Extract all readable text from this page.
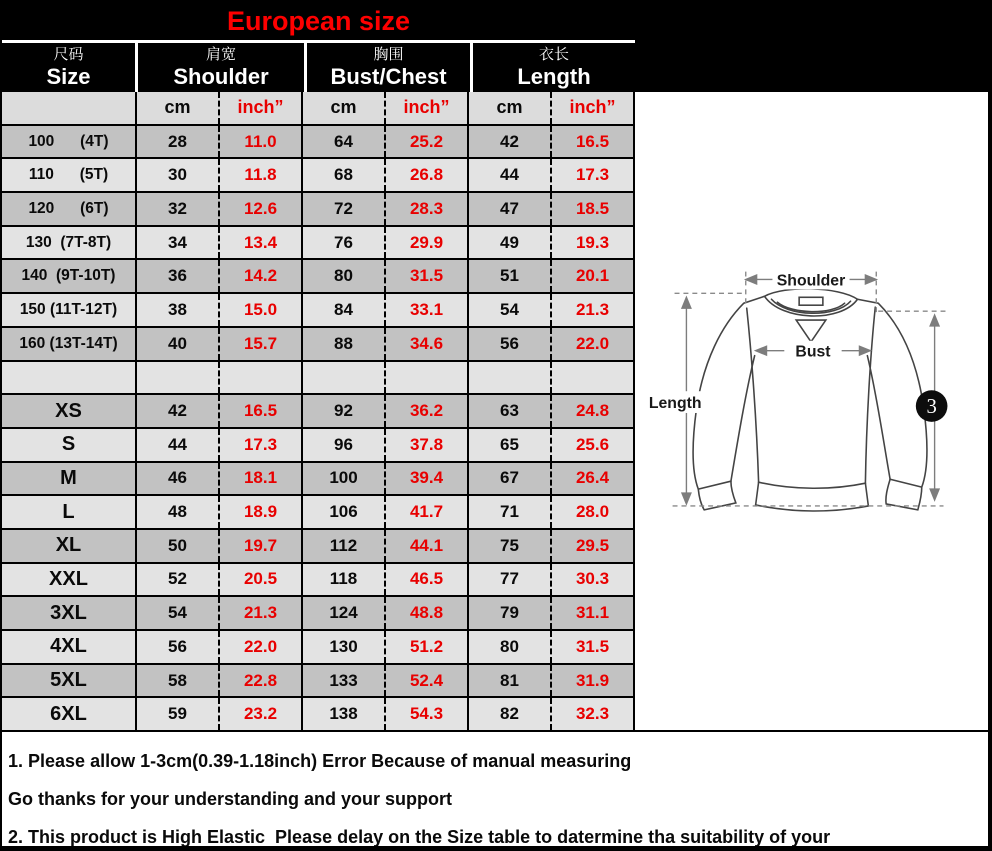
European size
尺码
Size
肩宽
Shoulder
胸围
Bust/Chest
衣长
Length
cm	inch”	cm	inch”	cm	inch”
100      (4T)	28	11.0	64	25.2	42	16.5
110      (5T)	30	11.8	68	26.8	44	17.3
120      (6T)	32	12.6	72	28.3	47	18.5
130  (7T-8T)	34	13.4	76	29.9	49	19.3
140  (9T-10T)	36	14.2	80	31.5	51	20.1
150 (11T-12T)	38	15.0	84	33.1	54	21.3
160 (13T-14T)	40	15.7	88	34.6	56	22.0
XS	42	16.5	92	36.2	63	24.8
S	44	17.3	96	37.8	65	25.6
M	46	18.1	100	39.4	67	26.4
L	48	18.9	106	41.7	71	28.0
XL	50	19.7	112	44.1	75	29.5
XXL	52	20.5	118	46.5	77	30.3
3XL	54	21.3	124	48.8	79	31.1
4XL	56	22.0	130	51.2	80	31.5
5XL	58	22.8	133	52.4	81	31.9
6XL	59	23.2	138	54.3	82	32.3
Shoulder
Bust
Length	3
1. Please allow 1-3cm(0.39-1.18inch) Error Because of manual measuring
Go thanks for your understanding and your support
2. This product is High Elastic  Please delay on the Size table to datermine tha suitability of your
